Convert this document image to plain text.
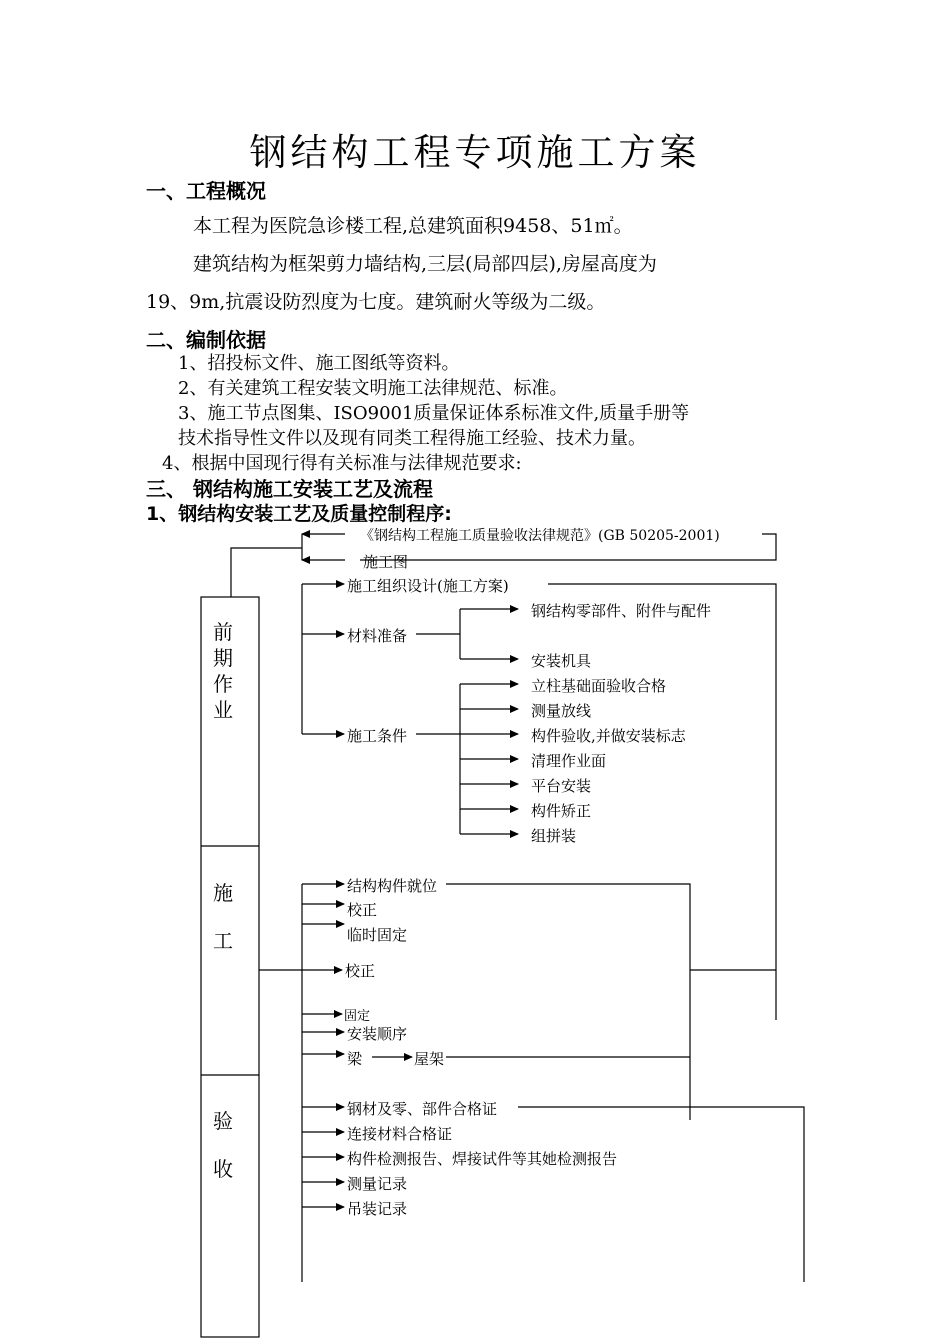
钢结构工程专项施工方案
一、工程概况
本工程为医院急诊楼工程,总建筑面积9458、51㎡。
建筑结构为框架剪力墙结构,三层(局部四层),房屋高度为
19、9m,抗震设防烈度为七度。建筑耐火等级为二级。
二、编制依据
1、招投标文件、施工图纸等资料。
2、有关建筑工程安装文明施工法律规范、标准。
3、施工节点图集、ISO9001质量保证体系标准文件,质量手册等
技术指导性文件以及现有同类工程得施工经验、技术力量。
4、根据中国现行得有关标准与法律规范要求:
三、 钢结构施工安装工艺及流程
1、钢结构安装工艺及质量控制程序:
前
期
作
业
施
工
验
收
《钢结构工程施工质量验收法律规范》(GB 50205-2001)
施工图
施工组织设计(施工方案)
材料准备
施工条件
钢结构零部件、附件与配件
安装机具
立柱基础面验收合格
测量放线
构件验收,并做安装标志
清理作业面
平台安装
构件矫正
组拼装
结构构件就位
校正
临时固定
校正
固定
安装顺序
梁	屋架
钢材及零、部件合格证
连接材料合格证
构件检测报告、焊接试件等其她检测报告
测量记录
吊装记录
